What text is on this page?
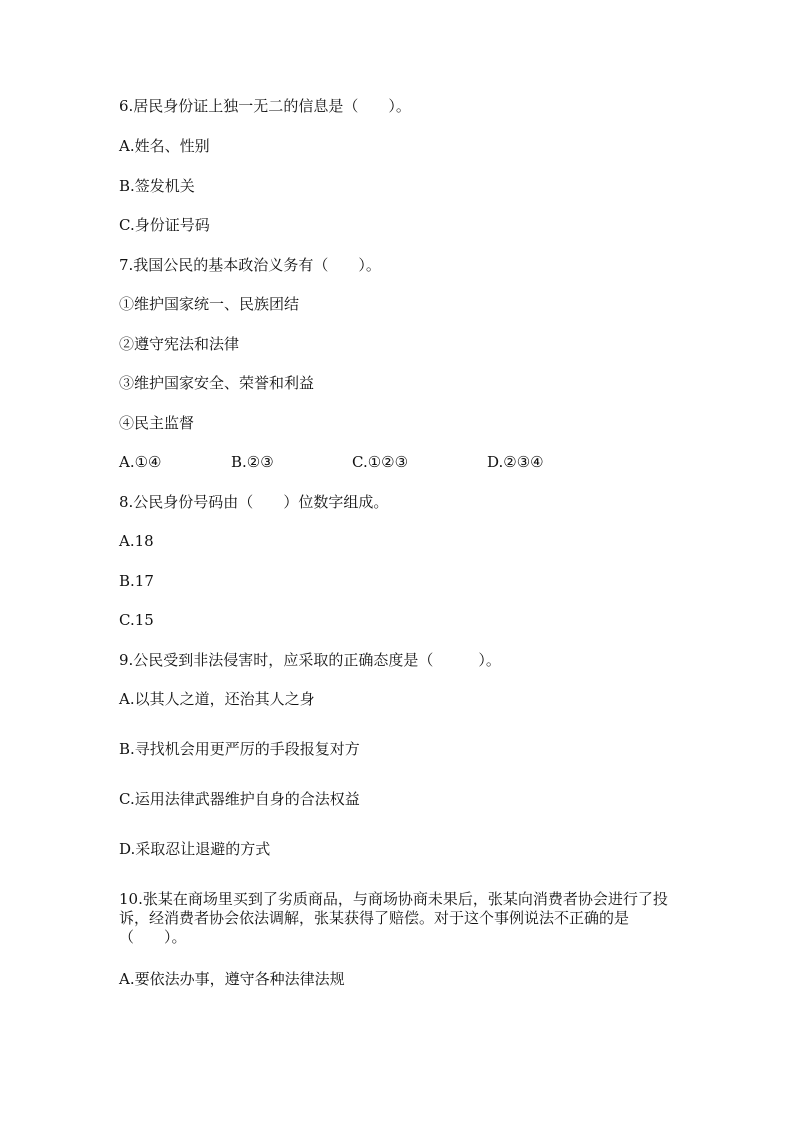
6.居民身份证上独一无二的信息是（　　）。
A.姓名、性别
B.签发机关
C.身份证号码
7.我国公民的基本政治义务有（　　）。
①维护国家统一、民族团结
②遵守宪法和法律
③维护国家安全、荣誉和利益
④民主监督
A.①④	B.②③	C.①②③	D.②③④
8.公民身份号码由（　　）位数字组成。
A.18
B.17
C.15
9.公民受到非法侵害时，应采取的正确态度是（　　　）。
A.以其人之道，还治其人之身
B.寻找机会用更严厉的手段报复对方
C.运用法律武器维护自身的合法权益
D.采取忍让退避的方式
10.张某在商场里买到了劣质商品，与商场协商未果后，张某向消费者协会进行了投诉，经消费者协会依法调解，张某获得了赔偿。对于这个事例说法不正确的是（　　）。
A.要依法办事，遵守各种法律法规
